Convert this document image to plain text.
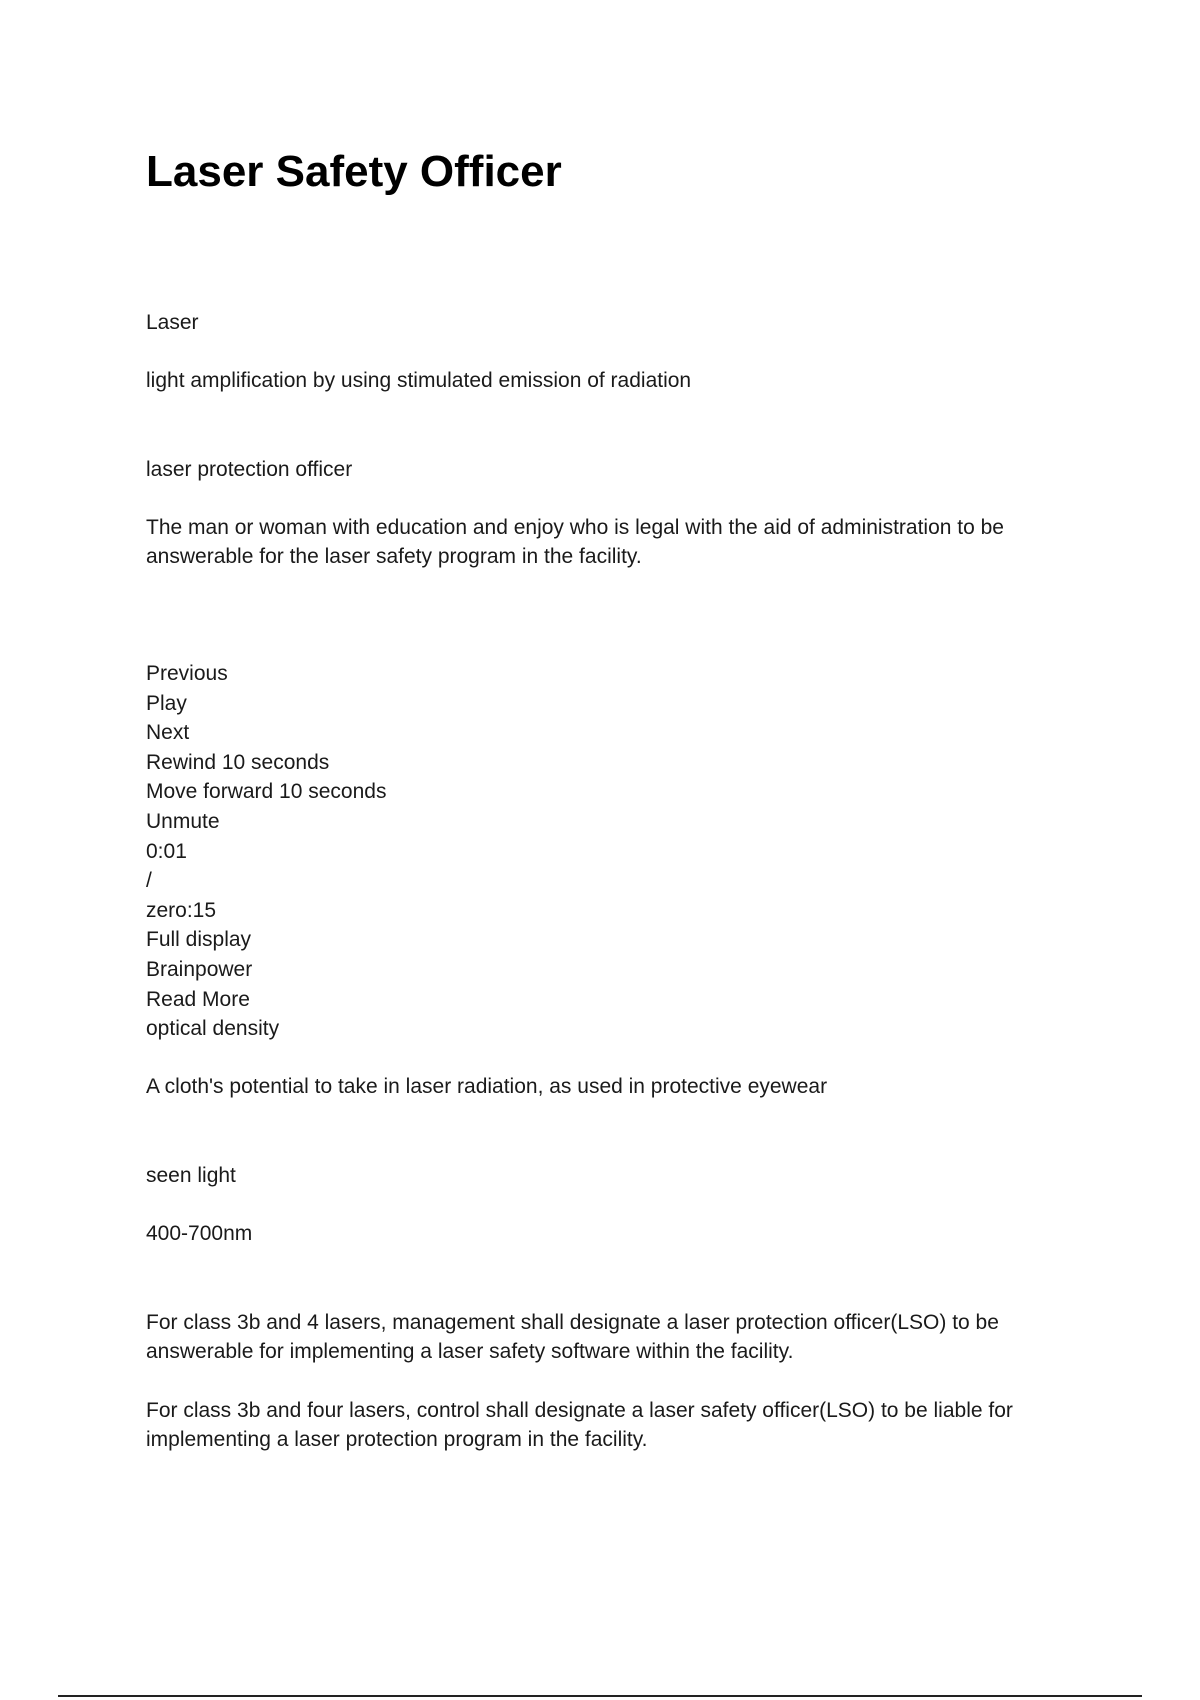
Laser Safety Officer

Laser

light amplification by using stimulated emission of radiation

laser protection officer

The man or woman with education and enjoy who is legal with the aid of administration to be answerable for the laser safety program in the facility.

Previous
Play
Next
Rewind 10 seconds
Move forward 10 seconds
Unmute
0:01
/
zero:15
Full display
Brainpower
Read More

optical density

A cloth's potential to take in laser radiation, as used in protective eyewear

seen light

400-700nm

For class 3b and 4 lasers, management shall designate a laser protection officer(LSO) to be answerable for implementing a laser safety software within the facility.

For class 3b and four lasers, control shall designate a laser safety officer(LSO) to be liable for implementing a laser protection program in the facility.
